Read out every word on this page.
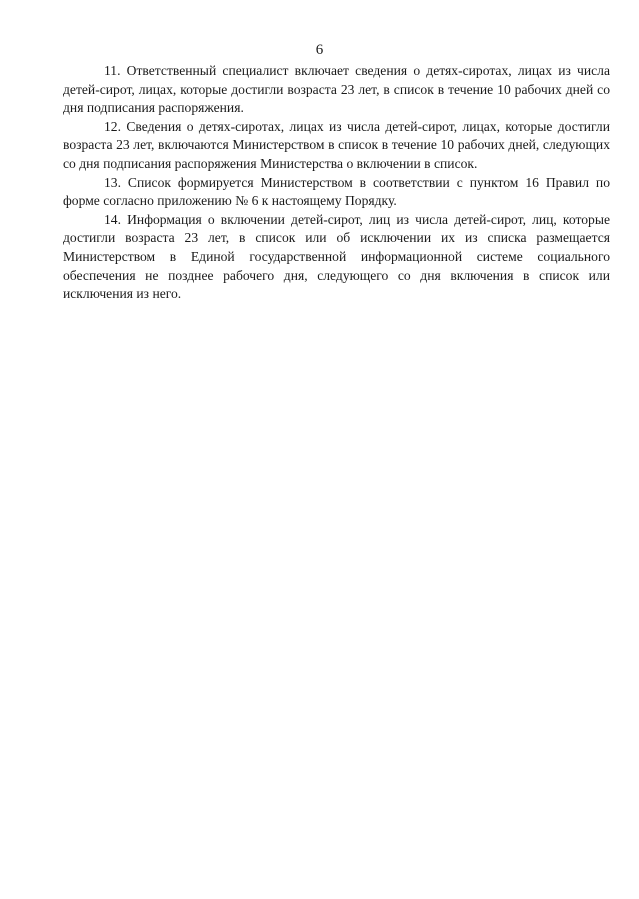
6

11. Ответственный специалист включает сведения о детях-сиротах, лицах из числа детей-сирот, лицах, которые достигли возраста 23 лет, в список в течение 10 рабочих дней со дня подписания распоряжения.

12. Сведения о детях-сиротах, лицах из числа детей-сирот, лицах, которые достигли возраста 23 лет, включаются Министерством в список в течение 10 рабочих дней, следующих со дня подписания распоряжения Министерства о включении в список.

13. Список формируется Министерством в соответствии с пунктом 16 Правил по форме согласно приложению № 6 к настоящему Порядку.

14. Информация о включении детей-сирот, лиц из числа детей-сирот, лиц, которые достигли возраста 23 лет, в список или об исключении их из списка размещается Министерством в Единой государственной информационной системе социального обеспечения не позднее рабочего дня, следующего со дня включения в список или исключения из него.
